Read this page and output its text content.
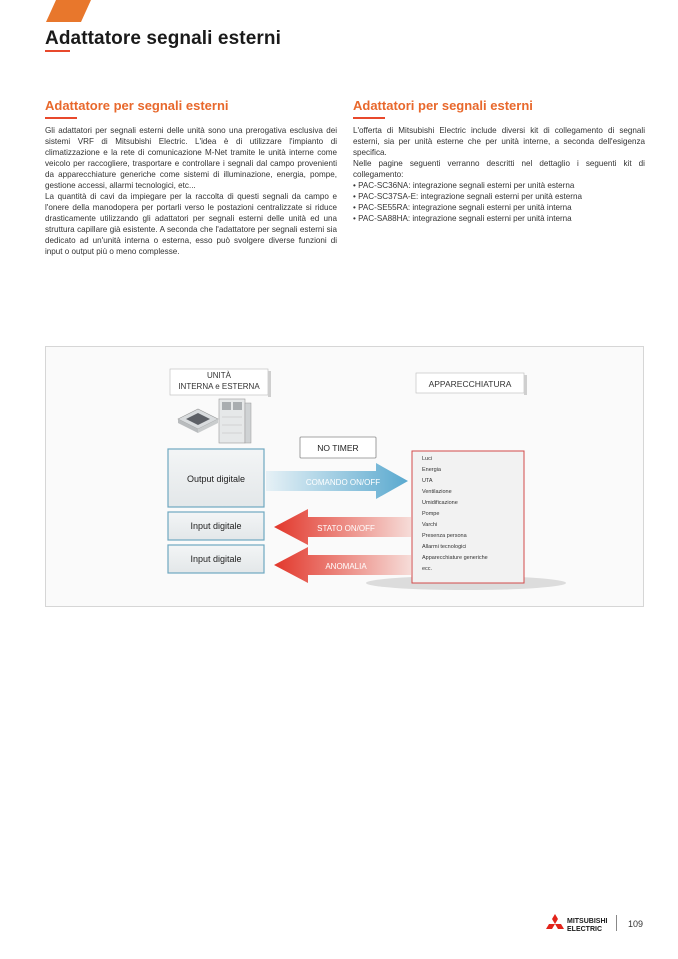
Adattatore segnali esterni
Adattatore per segnali esterni

Gli adattatori per segnali esterni delle unità sono una prerogativa esclusiva dei sistemi VRF di Mitsubishi Electric. L'idea è di utilizzare l'impianto di climatizzazione e la rete di comunicazione M-Net tramite le unità interne come veicolo per raccogliere, trasportare e controllare i segnali dal campo provenienti da apparecchiature generiche come sistemi di illuminazione, energia, pompe, gestione accessi, allarmi tecnologici, etc...

La quantità di cavi da impiegare per la raccolta di questi segnali da campo e l'onere della manodopera per portarli verso le postazioni centralizzate si riduce drasticamente utilizzando gli adattatori per segnali esterni delle unità ed una struttura capillare già esistente. A seconda che l'adattatore per segnali esterni sia dedicato ad un'unità interna o esterna, esso può svolgere diverse funzioni di input o output più o meno complesse.

Adattatori per segnali esterni

L'offerta di Mitsubishi Electric include diversi kit di collegamento di segnali esterni, sia per unità esterne che per unità interne, a seconda dell'esigenza specifica.

Nelle pagine seguenti verranno descritti nel dettaglio i seguenti kit di collegamento:

• PAC-SC36NA: integrazione segnali esterni per unità esterna
• PAC-SC37SA-E: integrazione segnali esterni per unità esterna
• PAC-SE55RA: integrazione segnali esterni per unità interna
• PAC-SA88HA: integrazione segnali esterni per unità interna
UNITÀ
INTERNA e ESTERNA	APPARECCHIATURA
NO TIMER
Output digitale
Input digitale
Input digitale
COMANDO ON/OFF
STATO ON/OFF
ANOMALIA
Luci
Energia
UTA
Ventilazione
Umidificazione
Pompe
Varchi
Presenza persona
Allarmi tecnologici
Apparecchiature generiche
ecc.
MITSUBISHI
ELECTRIC	109
